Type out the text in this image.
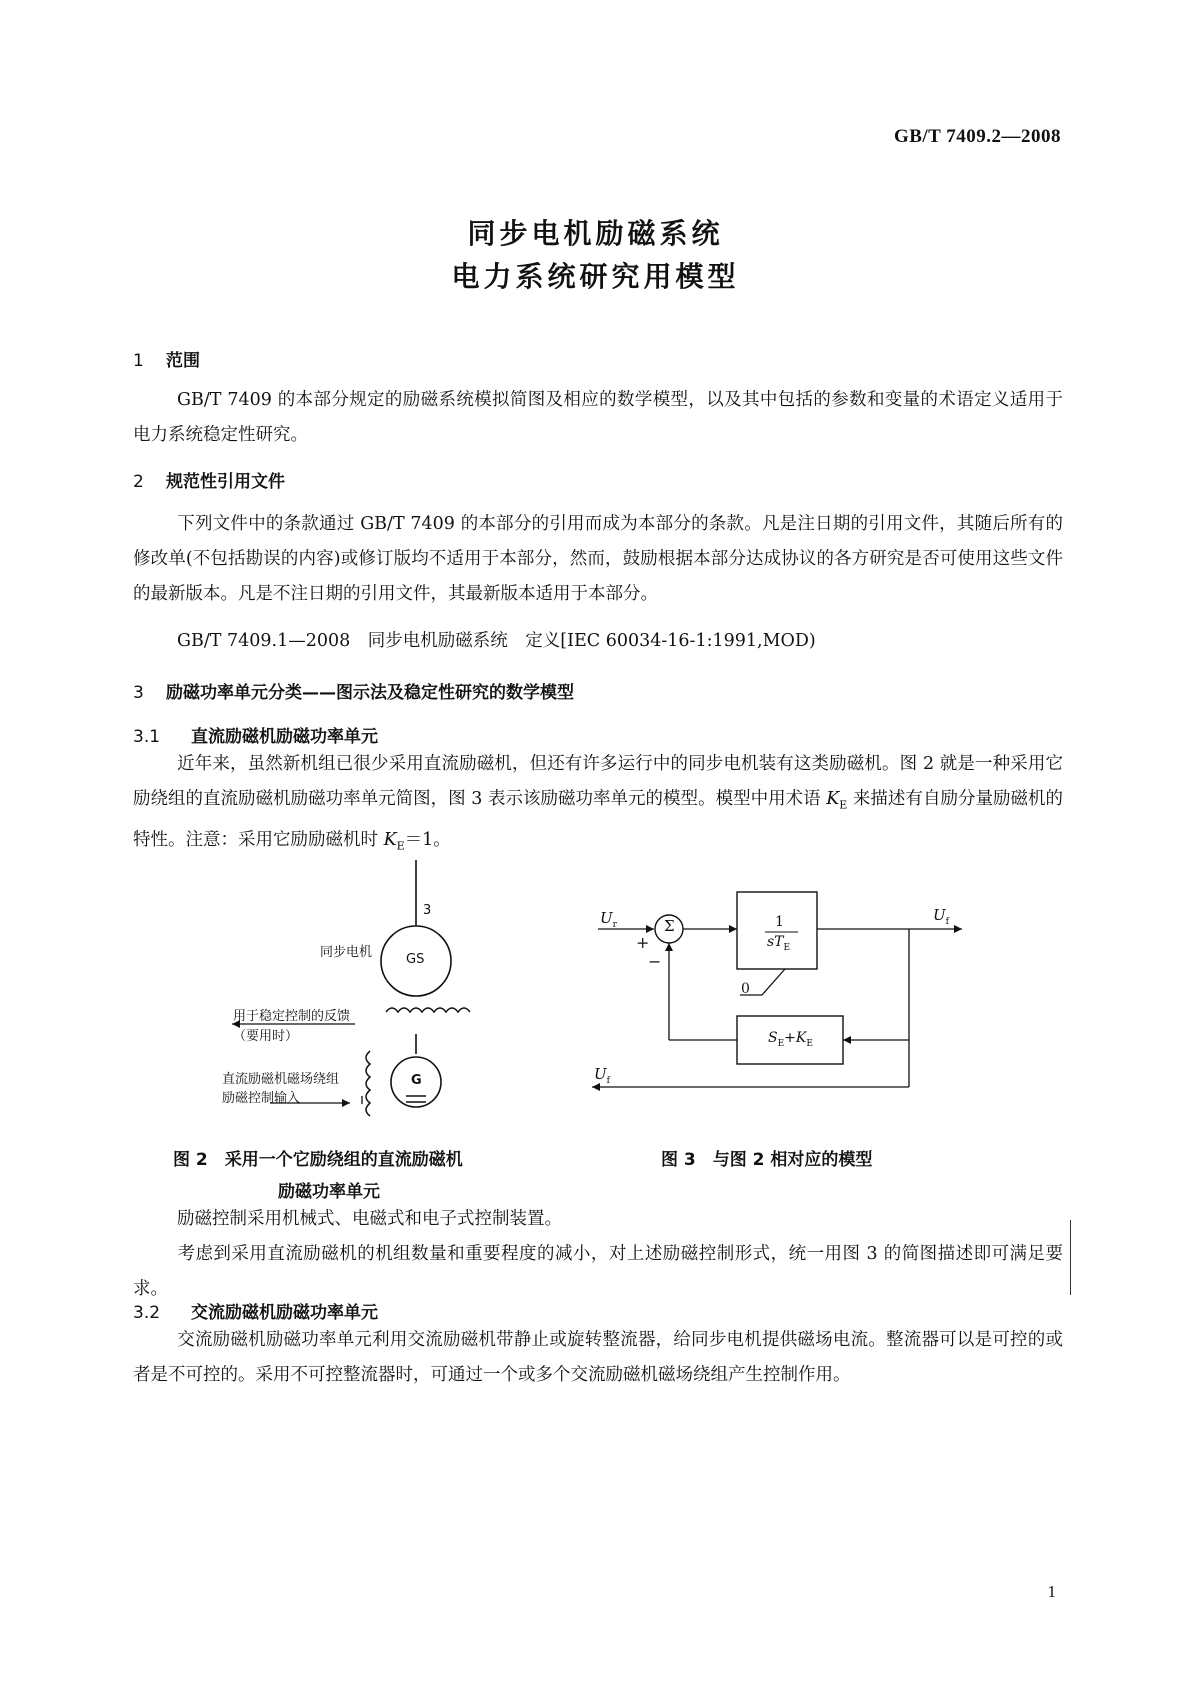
GB/T 7409.2—2008
同步电机励磁系统
电力系统研究用模型
1 范围
GB/T 7409 的本部分规定的励磁系统模拟简图及相应的数学模型，以及其中包括的参数和变量的术语定义适用于电力系统稳定性研究。
2 规范性引用文件
下列文件中的条款通过 GB/T 7409 的本部分的引用而成为本部分的条款。凡是注日期的引用文件，其随后所有的修改单(不包括勘误的内容)或修订版均不适用于本部分，然而，鼓励根据本部分达成协议的各方研究是否可使用这些文件的最新版本。凡是不注日期的引用文件，其最新版本适用于本部分。
GB/T 7409.1—2008　同步电机励磁系统　定义[IEC 60034-16-1:1991,MOD)
3 励磁功率单元分类——图示法及稳定性研究的数学模型
3.1 直流励磁机励磁功率单元
近年来，虽然新机组已很少采用直流励磁机，但还有许多运行中的同步电机装有这类励磁机。图 2 就是一种采用它励绕组的直流励磁机励磁功率单元简图，图 3 表示该励磁功率单元的模型。模型中用术语 $K_E$ 来描述有自励分量励磁机的特性。注意：采用它励励磁机时 $K_E=1$。
3
GS
G
同步电机
用于稳定控制的反馈
（要用时）
直流励磁机磁场绕组
励磁控制输入
图 2　采用一个它励绕组的直流励磁机
励磁功率单元
$U_r$	Σ
+
−
1
$sT_E$
$U_f$
0
$S_E+K_E$
$U_f$
图 3　与图 2 相对应的模型
励磁控制采用机械式、电磁式和电子式控制装置。
考虑到采用直流励磁机的机组数量和重要程度的减小，对上述励磁控制形式，统一用图 3 的简图描述即可满足要求。
3.2 交流励磁机励磁功率单元
交流励磁机励磁功率单元利用交流励磁机带静止或旋转整流器，给同步电机提供磁场电流。整流器可以是可控的或者是不可控的。采用不可控整流器时，可通过一个或多个交流励磁机磁场绕组产生控制作用。
1
